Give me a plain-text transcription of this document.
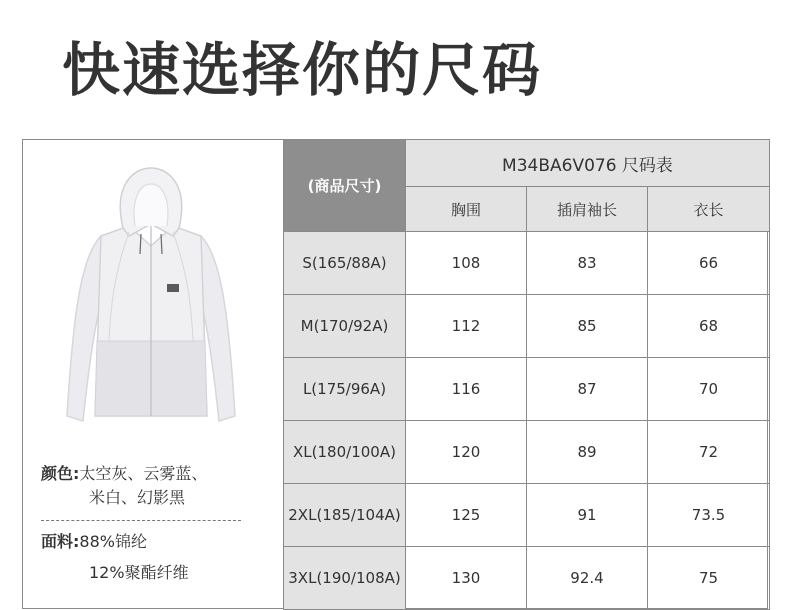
快速选择你的尺码
颜色:太空灰、云雾蓝、
米白、幻影黑
面料:88%锦纶
12%聚酯纤维
(商品尺寸)	M34BA6V076 尺码表		
	胸围	插肩袖长	衣长
S(165/88A)	108	83	66
M(170/92A)	112	85	68
L(175/96A)	116	87	70
XL(180/100A)	120	89	72
2XL(185/104A)	125	91	73.5
3XL(190/108A)	130	92.4	75
